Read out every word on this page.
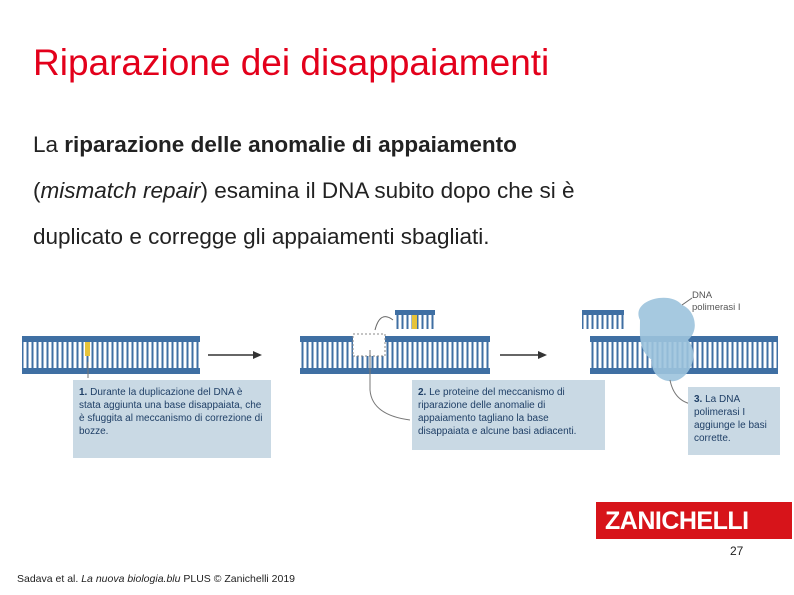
Riparazione dei disappaiamenti
La riparazione delle anomalie di appaiamento
(mismatch repair) esamina il DNA subito dopo che si è
duplicato e corregge gli appaiamenti sbagliati.
DNA
polimerasi I
1. Durante la duplicazione del DNA è stata aggiunta una base disappaiata, che è sfuggita al meccanismo di correzione di bozze.
2. Le proteine del meccanismo di riparazione delle anomalie di appaiamento tagliano la base disappaiata e alcune basi adiacenti.
3. La DNA polimerasi I aggiunge le basi corrette.
ZANICHELLI
27
Sadava et al. La nuova biologia.blu PLUS © Zanichelli 2019
